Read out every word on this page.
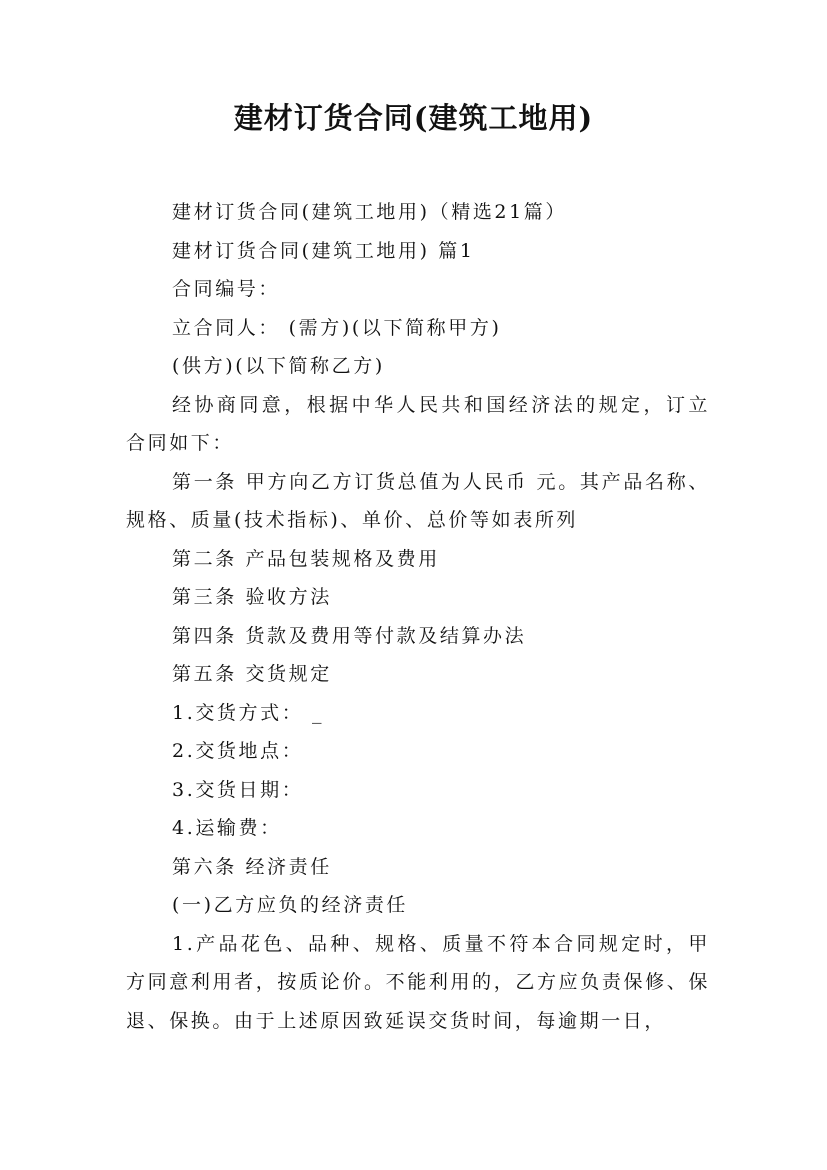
建材订货合同(建筑工地用)

建材订货合同(建筑工地用)（精选21篇）

建材订货合同(建筑工地用) 篇1

合同编号：

立合同人： (需方)(以下简称甲方)

(供方)(以下简称乙方)

经协商同意，根据中华人民共和国经济法的规定，订立合同如下：

第一条 甲方向乙方订货总值为人民币 元。其产品名称、规格、质量(技术指标)、单价、总价等如表所列

第二条 产品包装规格及费用

第三条 验收方法

第四条 货款及费用等付款及结算办法

第五条 交货规定

1.交货方式： _

2.交货地点：

3.交货日期：

4.运输费：

第六条 经济责任

(一)乙方应负的经济责任

1.产品花色、品种、规格、质量不符本合同规定时，甲方同意利用者，按质论价。不能利用的，乙方应负责保修、保退、保换。由于上述原因致延误交货时间，每逾期一日，
